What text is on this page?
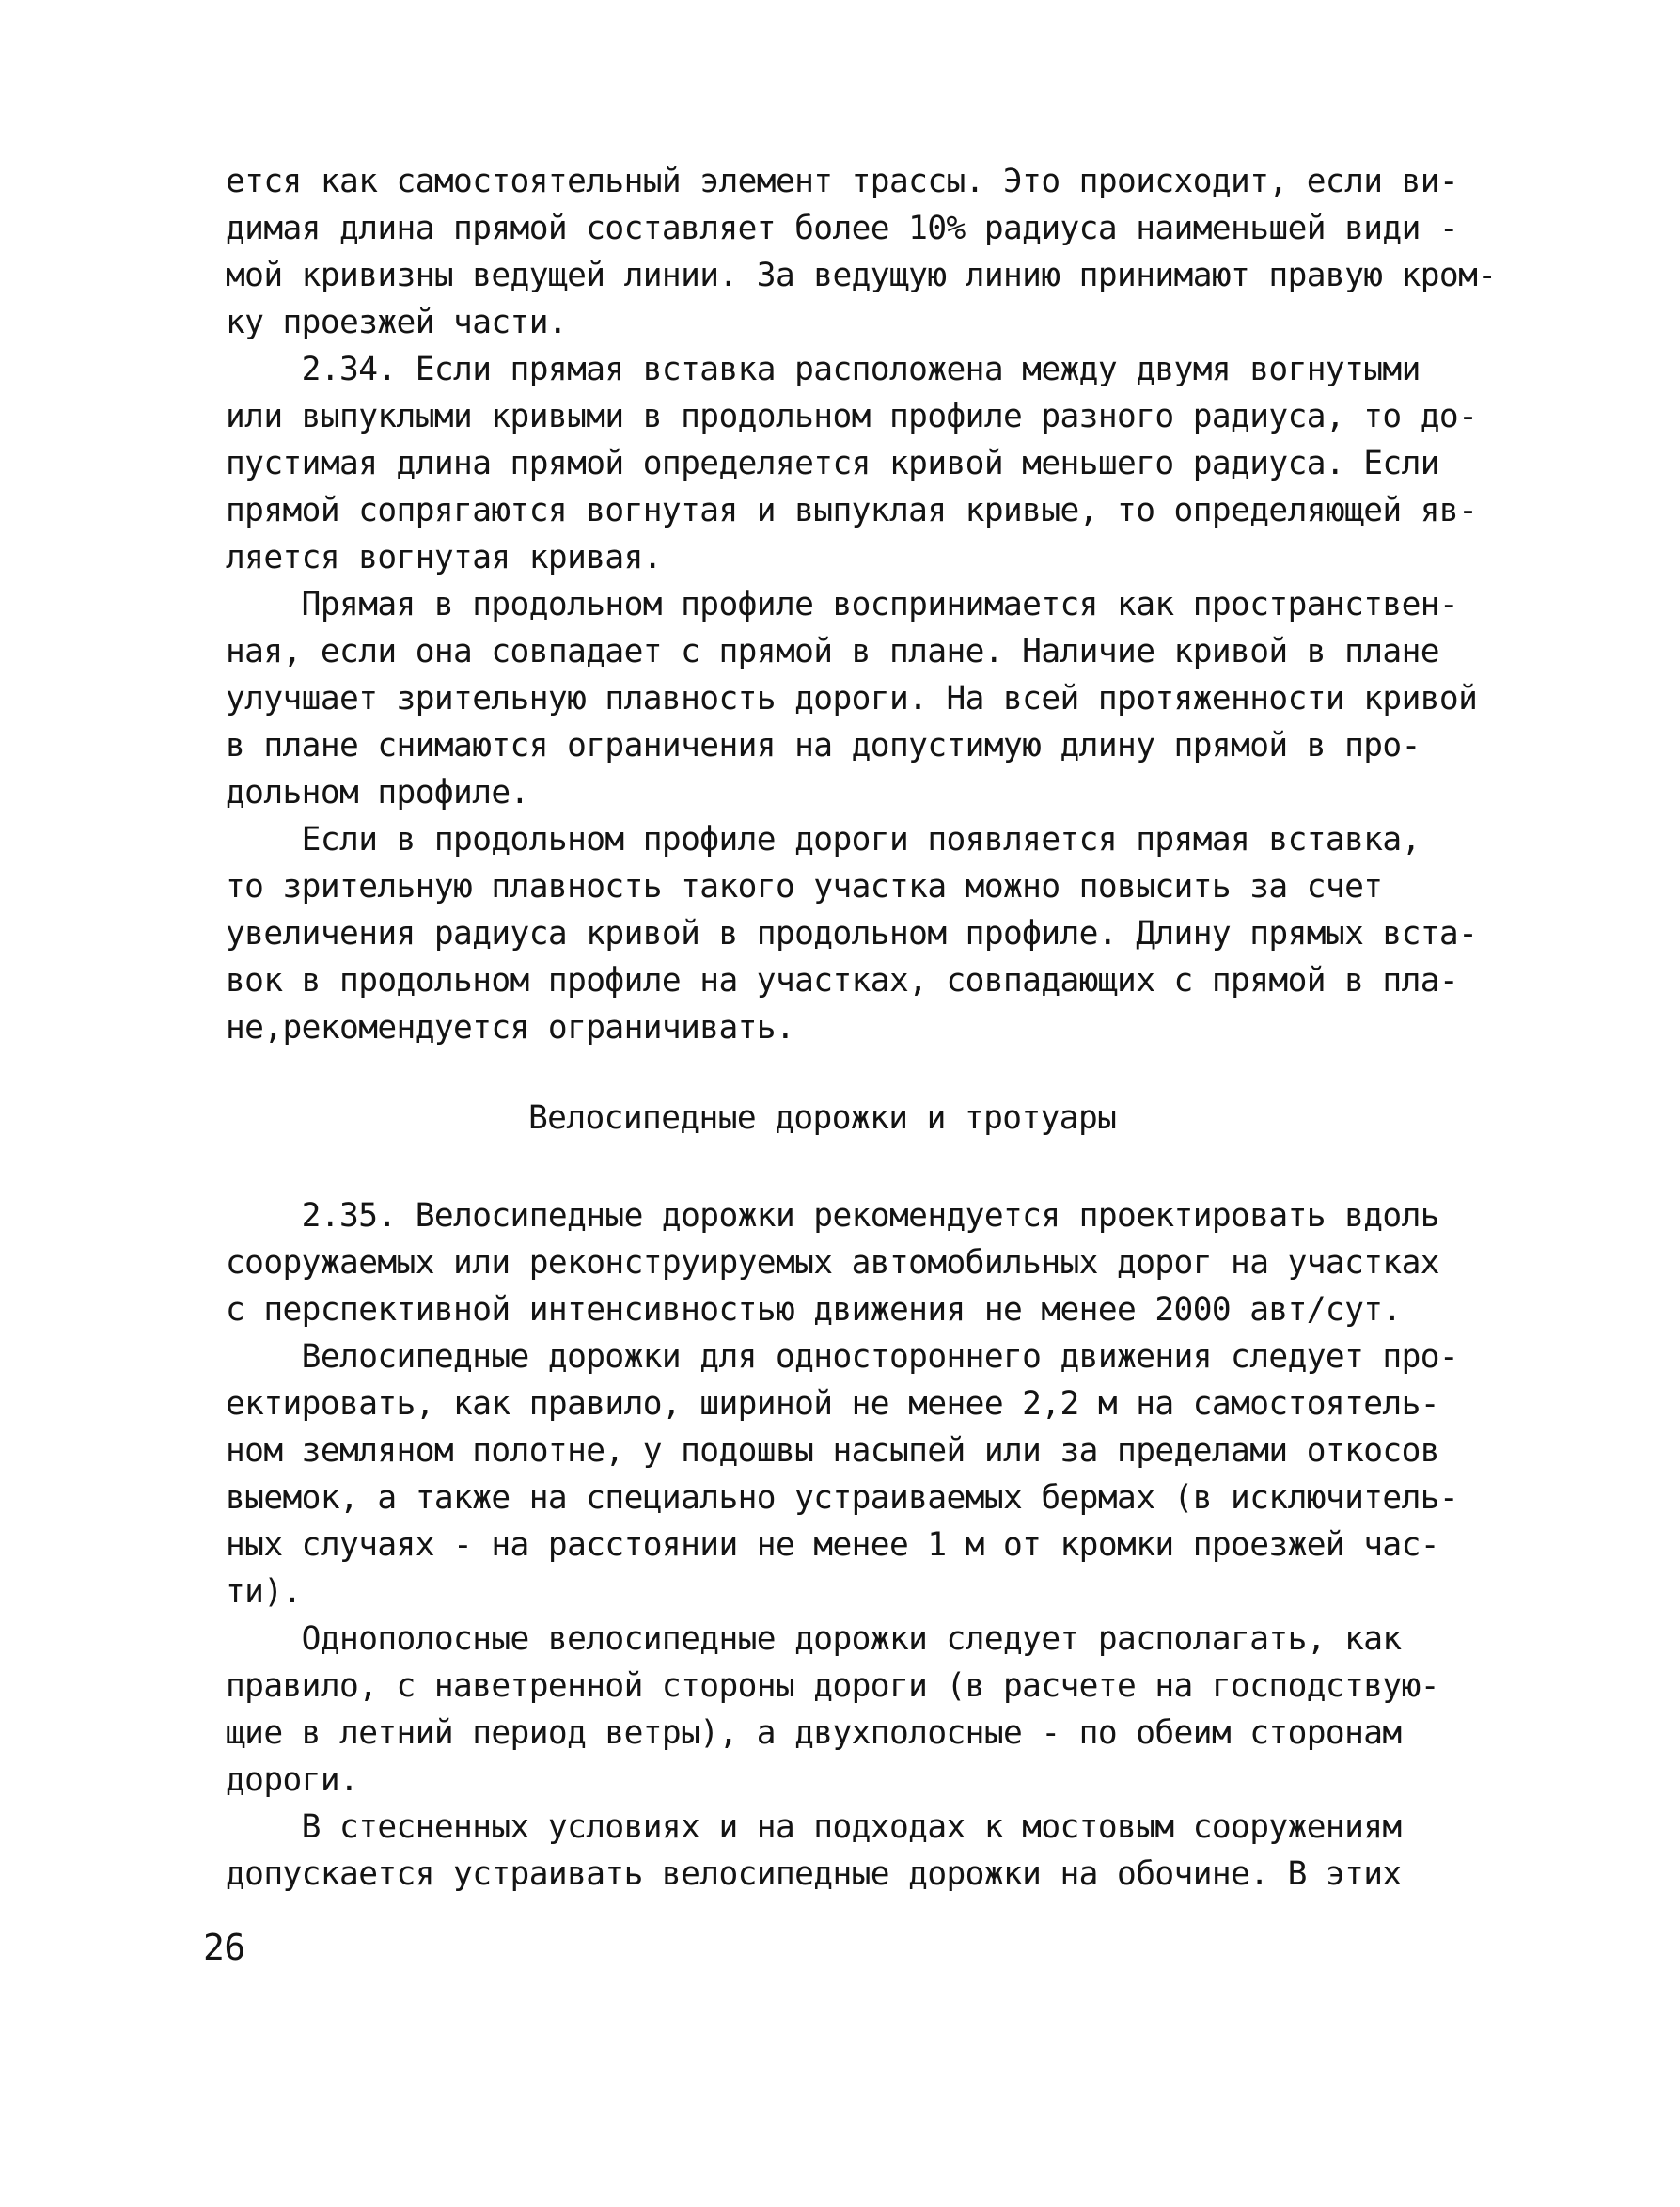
ется как самостоятельный элемент трассы. Это происходит, если ви-
димая длина прямой составляет более 10% радиуса наименьшей види -
мой кривизны ведущей линии. За ведущую линию принимают правую кром-
ку проезжей части.
2.34. Если прямая вставка расположена между двумя вогнутыми
или выпуклыми кривыми в продольном профиле разного радиуса, то до-
пустимая длина прямой определяется кривой меньшего радиуса. Если
прямой сопрягаются вогнутая и выпуклая кривые, то определяющей яв-
ляется вогнутая кривая.
Прямая в продольном профиле воспринимается как пространствен-
ная, если она совпадает с прямой в плане. Наличие кривой в плане
улучшает зрительную плавность дороги. На всей протяженности кривой
в плане снимаются ограничения на допустимую длину прямой в про-
дольном профиле.
Если в продольном профиле дороги появляется прямая вставка,
то зрительную плавность такого участка можно повысить за счет
увеличения радиуса кривой в продольном профиле. Длину прямых вста-
вок в продольном профиле на участках, совпадающих с прямой в пла-
не,рекомендуется ограничивать.
Велосипедные дорожки и тротуары
2.35. Велосипедные дорожки рекомендуется проектировать вдоль
сооружаемых или реконструируемых автомобильных дорог на участках
с перспективной интенсивностью движения не менее 2000 авт/сут.
Велосипедные дорожки для одностороннего движения следует про-
ектировать, как правило, шириной не менее 2,2 м на самостоятель-
ном земляном полотне, у подошвы насыпей или за пределами откосов
выемок, а также на специально устраиваемых бермах (в исключитель-
ных случаях - на расстоянии не менее 1 м от кромки проезжей час-
ти).
Однополосные велосипедные дорожки следует располагать, как
правило, с наветренной стороны дороги (в расчете на господствую-
щие в летний период ветры), а двухполосные - по обеим сторонам
дороги.
В стесненных условиях и на подходах к мостовым сооружениям
допускается устраивать велосипедные дорожки на обочине. В этих
26
